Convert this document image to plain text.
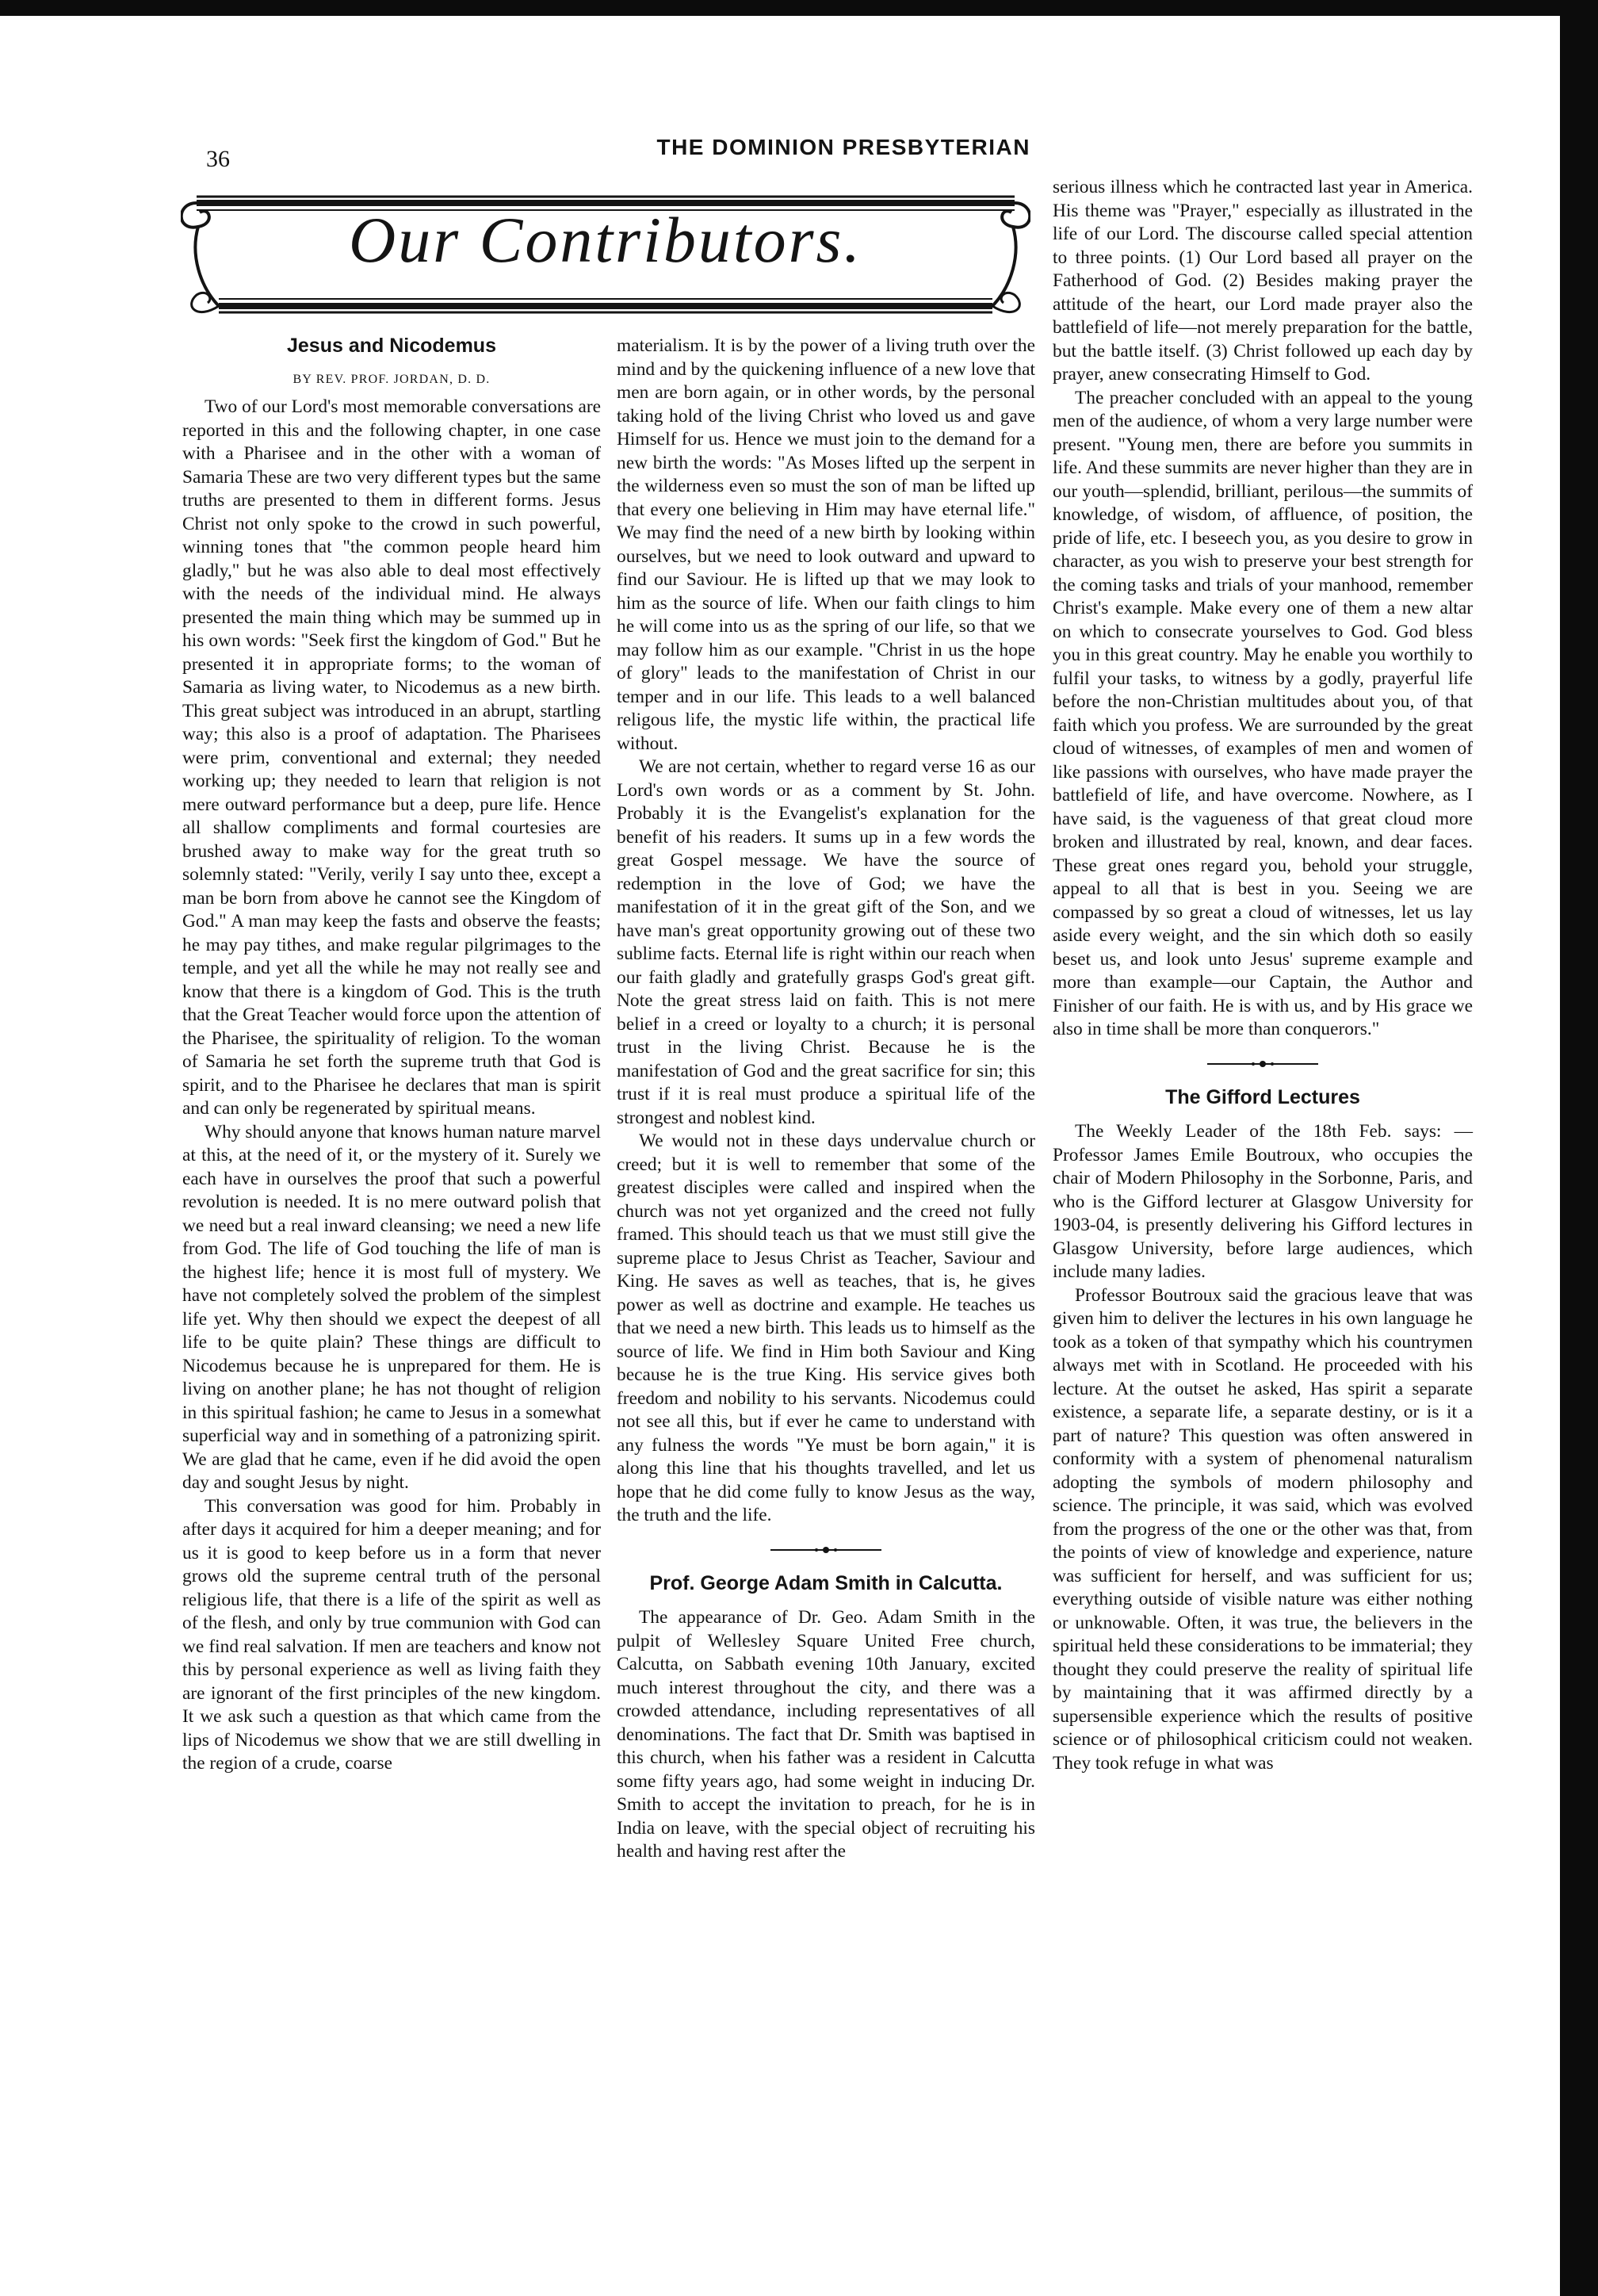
36	THE DOMINION PRESBYTERIAN
Our Contributors.
Jesus and Nicodemus
BY REV. PROF. JORDAN, D. D.

Two of our Lord's most memorable conversations are reported in this and the following chapter, in one case with a Pharisee and in the other with a woman of Samaria These are two very different types but the same truths are presented to them in different forms. Jesus Christ not only spoke to the crowd in such powerful, winning tones that "the common people heard him gladly," but he was also able to deal most effectively with the needs of the individual mind. He always presented the main thing which may be summed up in his own words: "Seek first the kingdom of God." But he presented it in appropriate forms; to the woman of Samaria as living water, to Nicodemus as a new birth. This great subject was introduced in an abrupt, startling way; this also is a proof of adaptation. The Pharisees were prim, conventional and external; they needed working up; they needed to learn that religion is not mere outward performance but a deep, pure life. Hence all shallow compliments and formal courtesies are brushed away to make way for the great truth so solemnly stated: "Verily, verily I say unto thee, except a man be born from above he cannot see the Kingdom of God." A man may keep the fasts and observe the feasts; he may pay tithes, and make regular pilgrimages to the temple, and yet all the while he may not really see and know that there is a kingdom of God. This is the truth that the Great Teacher would force upon the attention of the Pharisee, the spirituality of religion. To the woman of Samaria he set forth the supreme truth that God is spirit, and to the Pharisee he declares that man is spirit and can only be regenerated by spiritual means.

Why should anyone that knows human nature marvel at this, at the need of it, or the mystery of it. Surely we each have in ourselves the proof that such a powerful revolution is needed. It is no mere outward polish that we need but a real inward cleansing; we need a new life from God. The life of God touching the life of man is the highest life; hence it is most full of mystery. We have not completely solved the problem of the simplest life yet. Why then should we expect the deepest of all life to be quite plain? These things are difficult to Nicodemus because he is unprepared for them. He is living on another plane; he has not thought of religion in this spiritual fashion; he came to Jesus in a somewhat superficial way and in something of a patronizing spirit. We are glad that he came, even if he did avoid the open day and sought Jesus by night.

This conversation was good for him. Probably in after days it acquired for him a deeper meaning; and for us it is good to keep before us in a form that never grows old the supreme central truth of the personal religious life, that there is a life of the spirit as well as of the flesh, and only by true communion with God can we find real salvation. If men are teachers and know not this by personal experience as well as living faith they are ignorant of the first principles of the new kingdom. It we ask such a question as that which came from the lips of Nicodemus we show that we are still dwelling in the region of a crude, coarse

materialism. It is by the power of a living truth over the mind and by the quickening influence of a new love that men are born again, or in other words, by the personal taking hold of the living Christ who loved us and gave Himself for us. Hence we must join to the demand for a new birth the words: "As Moses lifted up the serpent in the wilderness even so must the son of man be lifted up that every one believing in Him may have eternal life." We may find the need of a new birth by looking within ourselves, but we need to look outward and upward to find our Saviour. He is lifted up that we may look to him as the source of life. When our faith clings to him he will come into us as the spring of our life, so that we may follow him as our example. "Christ in us the hope of glory" leads to the manifestation of Christ in our temper and in our life. This leads to a well balanced religous life, the mystic life within, the practical life without.

We are not certain, whether to regard verse 16 as our Lord's own words or as a comment by St. John. Probably it is the Evangelist's explanation for the benefit of his readers. It sums up in a few words the great Gospel message. We have the source of redemption in the love of God; we have the manifestation of it in the great gift of the Son, and we have man's great opportunity growing out of these two sublime facts. Eternal life is right within our reach when our faith gladly and gratefully grasps God's great gift. Note the great stress laid on faith. This is not mere belief in a creed or loyalty to a church; it is personal trust in the living Christ. Because he is the manifestation of God and the great sacrifice for sin; this trust if it is real must produce a spiritual life of the strongest and noblest kind.

We would not in these days undervalue church or creed; but it is well to remember that some of the greatest disciples were called and inspired when the church was not yet organized and the creed not fully framed. This should teach us that we must still give the supreme place to Jesus Christ as Teacher, Saviour and King. He saves as well as teaches, that is, he gives power as well as doctrine and example. He teaches us that we need a new birth. This leads us to himself as the source of life. We find in Him both Saviour and King because he is the true King. His service gives both freedom and nobility to his servants. Nicodemus could not see all this, but if ever he came to understand with any fulness the words "Ye must be born again," it is along this line that his thoughts travelled, and let us hope that he did come fully to know Jesus as the way, the truth and the life.

Prof. George Adam Smith in Calcutta.

The appearance of Dr. Geo. Adam Smith in the pulpit of Wellesley Square United Free church, Calcutta, on Sabbath evening 10th January, excited much interest throughout the city, and there was a crowded attendance, including representatives of all denominations. The fact that Dr. Smith was baptised in this church, when his father was a resident in Calcutta some fifty years ago, had some weight in inducing Dr. Smith to accept the invitation to preach, for he is in India on leave, with the special object of recruiting his health and having rest after the

serious illness which he contracted last year in America. His theme was "Prayer," especially as illustrated in the life of our Lord. The discourse called special attention to three points. (1) Our Lord based all prayer on the Fatherhood of God. (2) Besides making prayer the attitude of the heart, our Lord made prayer also the battlefield of life—not merely preparation for the battle, but the battle itself. (3) Christ followed up each day by prayer, anew consecrating Himself to God.

The preacher concluded with an appeal to the young men of the audience, of whom a very large number were present. "Young men, there are before you summits in life. And these summits are never higher than they are in our youth—splendid, brilliant, perilous—the summits of knowledge, of wisdom, of affluence, of position, the pride of life, etc. I beseech you, as you desire to grow in character, as you wish to preserve your best strength for the coming tasks and trials of your manhood, remember Christ's example. Make every one of them a new altar on which to consecrate yourselves to God. God bless you in this great country. May he enable you worthily to fulfil your tasks, to witness by a godly, prayerful life before the non-Christian multitudes about you, of that faith which you profess. We are surrounded by the great cloud of witnesses, of examples of men and women of like passions with ourselves, who have made prayer the battlefield of life, and have overcome. Nowhere, as I have said, is the vagueness of that great cloud more broken and illustrated by real, known, and dear faces. These great ones regard you, behold your struggle, appeal to all that is best in you. Seeing we are compassed by so great a cloud of witnesses, let us lay aside every weight, and the sin which doth so easily beset us, and look unto Jesus' supreme example and more than example—our Captain, the Author and Finisher of our faith. He is with us, and by His grace we also in time shall be more than conquerors."

The Gifford Lectures

The Weekly Leader of the 18th Feb. says: —Professor James Emile Boutroux, who occupies the chair of Modern Philosophy in the Sorbonne, Paris, and who is the Gifford lecturer at Glasgow University for 1903-04, is presently delivering his Gifford lectures in Glasgow University, before large audiences, which include many ladies.

Professor Boutroux said the gracious leave that was given him to deliver the lectures in his own language he took as a token of that sympathy which his countrymen always met with in Scotland. He proceeded with his lecture. At the outset he asked, Has spirit a separate existence, a separate life, a separate destiny, or is it a part of nature? This question was often answered in conformity with a system of phenomenal naturalism adopting the symbols of modern philosophy and science. The principle, it was said, which was evolved from the progress of the one or the other was that, from the points of view of knowledge and experience, nature was sufficient for herself, and was sufficient for us; everything outside of visible nature was either nothing or unknowable. Often, it was true, the believers in the spiritual held these considerations to be immaterial; they thought they could preserve the reality of spiritual life by maintaining that it was affirmed directly by a supersensible experience which the results of positive science or of philosophical criticism could not weaken. They took refuge in what was
